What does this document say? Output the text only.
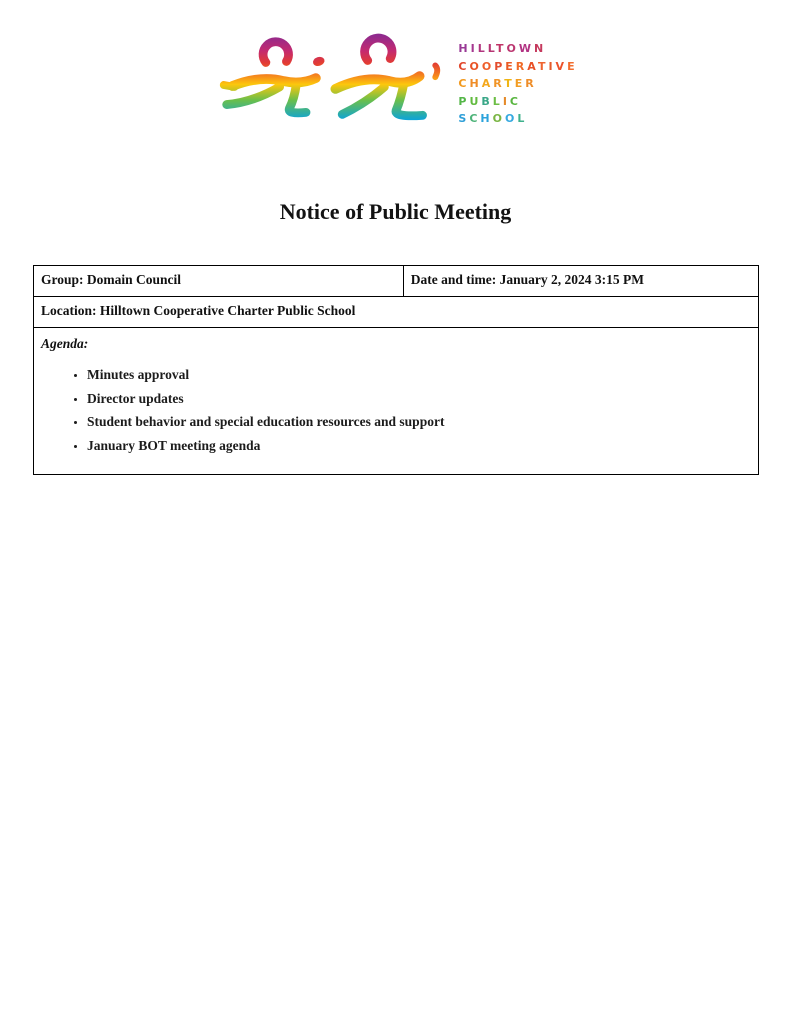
HILLTOWN
COOPERATIVE
CHARTER
PUBLIC
SCHOOL
Notice of Public Meeting
Group: Domain Council	Date and time: January 2, 2024 3:15 PM
Location: Hilltown Cooperative Charter Public School

Agenda:
• Minutes approval
• Director updates
• Student behavior and special education resources and support
• January BOT meeting agenda
